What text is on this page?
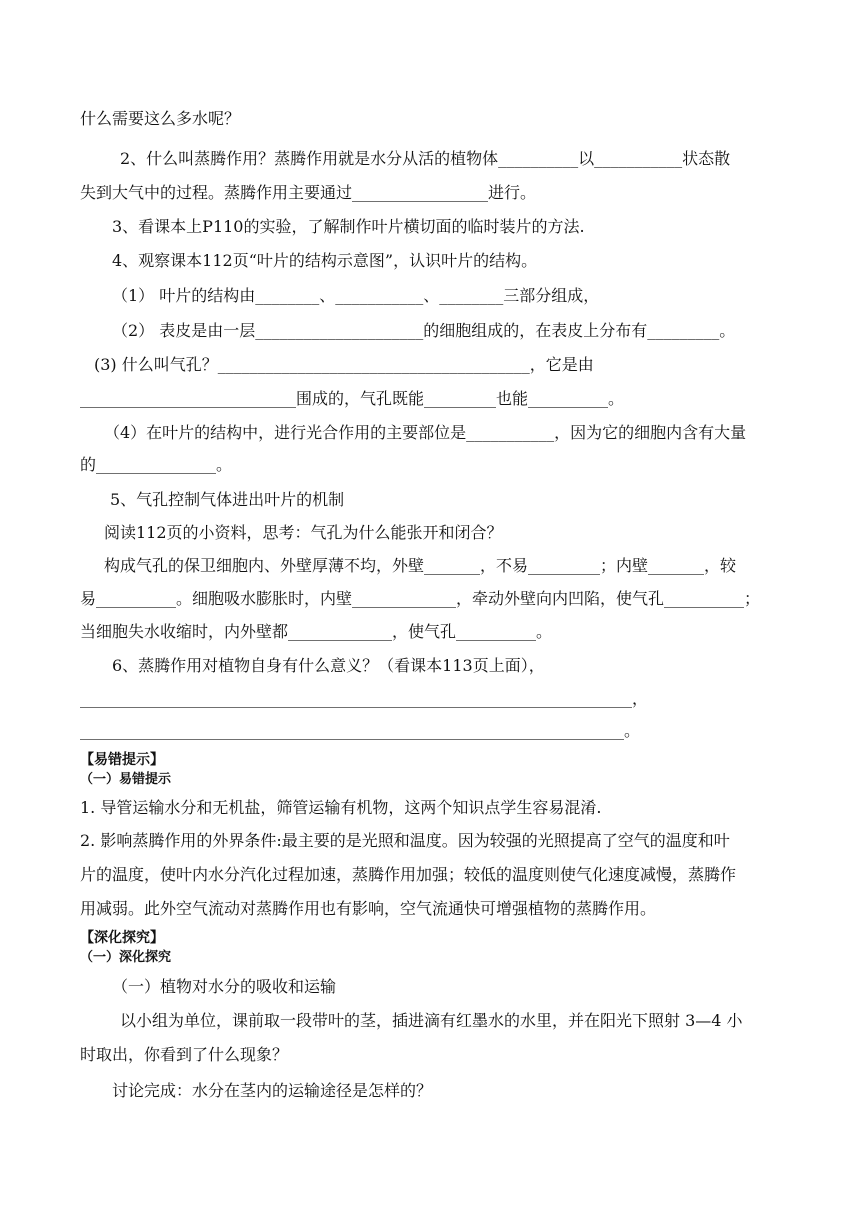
什么需要这么多水呢？
2、什么叫蒸腾作用？蒸腾作用就是水分从活的植物体__________以___________状态散
失到大气中的过程。蒸腾作用主要通过_________________进行。
3、看课本上P110的实验，了解制作叶片横切面的临时装片的方法.
4、观察课本112页“叶片的结构示意图”，认识叶片的结构。
（1） 叶片的结构由________、___________、________三部分组成，
（2） 表皮是由一层_____________________的细胞组成的，在表皮上分布有_________。
(3) 什么叫气孔？_______________________________________，它是由
___________________________围成的，气孔既能_________也能__________。
（4）在叶片的结构中，进行光合作用的主要部位是___________，因为它的细胞内含有大量
的_______________。
5、气孔控制气体进出叶片的机制
阅读112页的小资料，思考：气孔为什么能张开和闭合？
构成气孔的保卫细胞内、外壁厚薄不均，外壁_______，不易_________；内壁_______，较
易__________。细胞吸水膨胀时，内壁_____________，牵动外壁向内凹陷，使气孔__________；
当细胞失水收缩时，内外壁都_____________，使气孔__________。
6、蒸腾作用对植物自身有什么意义？（看课本113页上面），
_____________________________________________________________________，
____________________________________________________________________。
【易错提示】
（一）易错提示
1. 导管运输水分和无机盐，筛管运输有机物，这两个知识点学生容易混淆.
2. 影响蒸腾作用的外界条件:最主要的是光照和温度。因为较强的光照提高了空气的温度和叶
片的温度，使叶内水分汽化过程加速，蒸腾作用加强；较低的温度则使气化速度减慢，蒸腾作
用减弱。此外空气流动对蒸腾作用也有影响，空气流通快可增强植物的蒸腾作用。
【深化探究】
（一）深化探究
（一）植物对水分的吸收和运输
以小组为单位，课前取一段带叶的茎，插进滴有红墨水的水里，并在阳光下照射 3—4 小
时取出，你看到了什么现象？
讨论完成：水分在茎内的运输途径是怎样的？
